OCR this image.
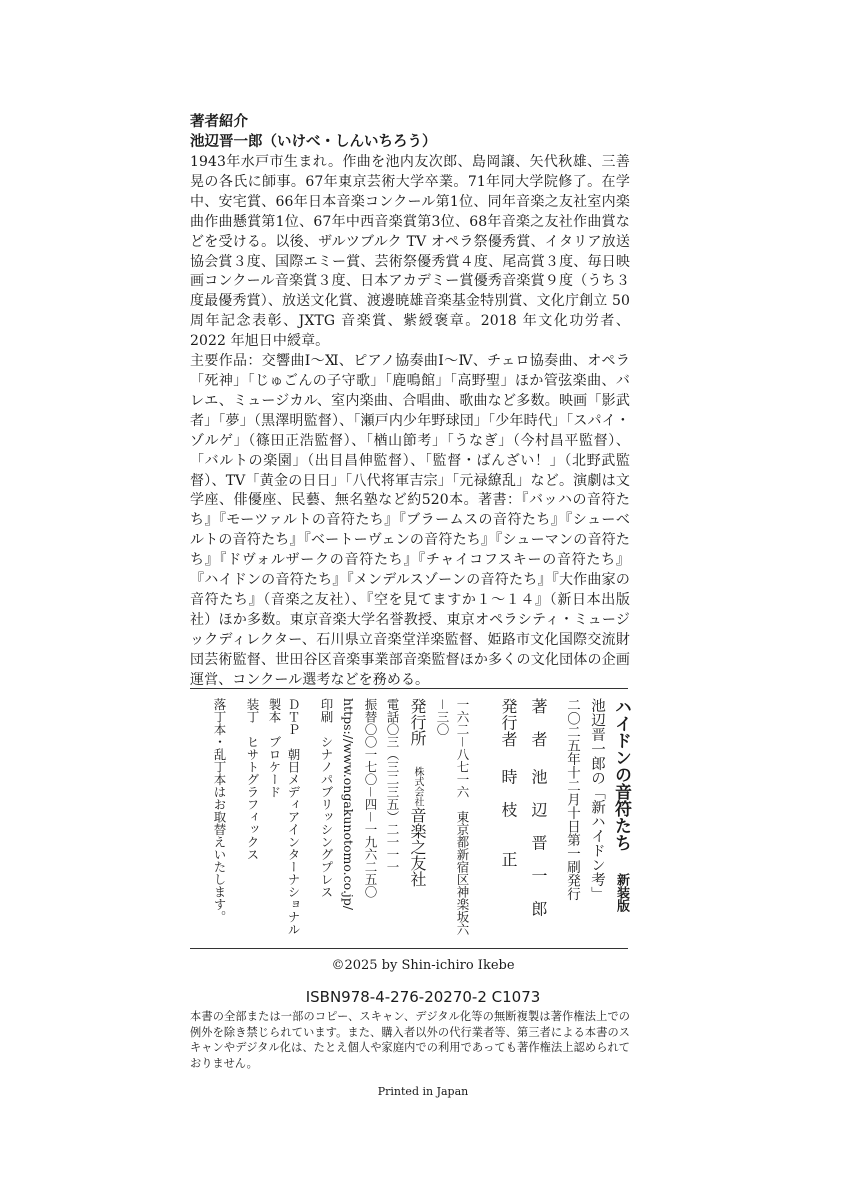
著者紹介
池辺晋一郎（いけべ・しんいちろう）

1943年水戸市生まれ。作曲を池内友次郎、島岡譲、矢代秋雄、三善晃の各氏に師事。67年東京芸術大学卒業。71年同大学院修了。在学中、安宅賞、66年日本音楽コンクール第1位、同年音楽之友社室内楽曲作曲懸賞第1位、67年中西音楽賞第3位、68年音楽之友社作曲賞などを受ける。以後、ザルツブルク TV オペラ祭優秀賞、イタリア放送協会賞３度、国際エミー賞、芸術祭優秀賞４度、尾高賞３度、毎日映画コンクール音楽賞３度、日本アカデミー賞優秀音楽賞９度（うち３度最優秀賞）、放送文化賞、渡邊暁雄音楽基金特別賞、文化庁創立 50 周年記念表彰、JXTG 音楽賞、紫綬褒章。2018 年文化功労者、2022 年旭日中綬章。

主要作品：交響曲Ⅰ～Ⅺ、ピアノ協奏曲Ⅰ～Ⅳ、チェロ協奏曲、オペラ「死神」「じゅごんの子守歌」「鹿鳴館」「高野聖」ほか管弦楽曲、バレエ、ミュージカル、室内楽曲、合唱曲、歌曲など多数。映画「影武者」「夢」（黒澤明監督）、「瀬戸内少年野球団」「少年時代」「スパイ・ゾルゲ」（篠田正浩監督）、「楢山節考」「うなぎ」（今村昌平監督）、「バルトの楽園」（出目昌伸監督）、「監督・ばんざい！」（北野武監督）、TV「黄金の日日」「八代将軍吉宗」「元禄繚乱」など。演劇は文学座、俳優座、民藝、無名塾など約520本。著書：『バッハの音符たち』『モーツァルトの音符たち』『ブラームスの音符たち』『シューベルトの音符たち』『ベートーヴェンの音符たち』『シューマンの音符たち』『ドヴォルザークの音符たち』『チャイコフスキーの音符たち』『ハイドンの音符たち』『メンデルスゾーンの音符たち』『大作曲家の音符たち』（音楽之友社）、『空を見てますか１～１４』（新日本出版社）ほか多数。東京音楽大学名誉教授、東京オペラシティ・ミュージックディレクター、石川県立音楽堂洋楽監督、姫路市文化国際交流財団芸術監督、世田谷区音楽事業部音楽監督ほか多くの文化団体の企画運営、コンクール選考などを務める。

ハイドンの音符たち新装版
池辺晋一郎の「新ハイドン考」
二〇二五年十二月十日第一刷発行
著　者池　辺　晋　一　郎
発行者時　枝　　正
一六二－八七一六　東京都新宿区神楽坂六－三〇
発行所株式会社音楽之友社
電話〇三（三二三五）二一一一
振替〇〇一七〇－四－一九六二五〇
https://www.ongakunotomo.co.jp/
印刷　シナノパブリッシングプレス
ＤＴＰ　朝日メディアインターナショナル　製本　ブロケード
装丁　ヒサトグラフィックス
落丁本・乱丁本はお取替えいたします。
©2025 by Shin-ichiro Ikebe
ISBN978-4-276-20270-2 C1073

本書の全部または一部のコピー、スキャン、デジタル化等の無断複製は著作権法上での例外を除き禁じられています。また、購入者以外の代行業者等、第三者による本書のスキャンやデジタル化は、たとえ個人や家庭内での利用であっても著作権法上認められておりません。

Printed in Japan
